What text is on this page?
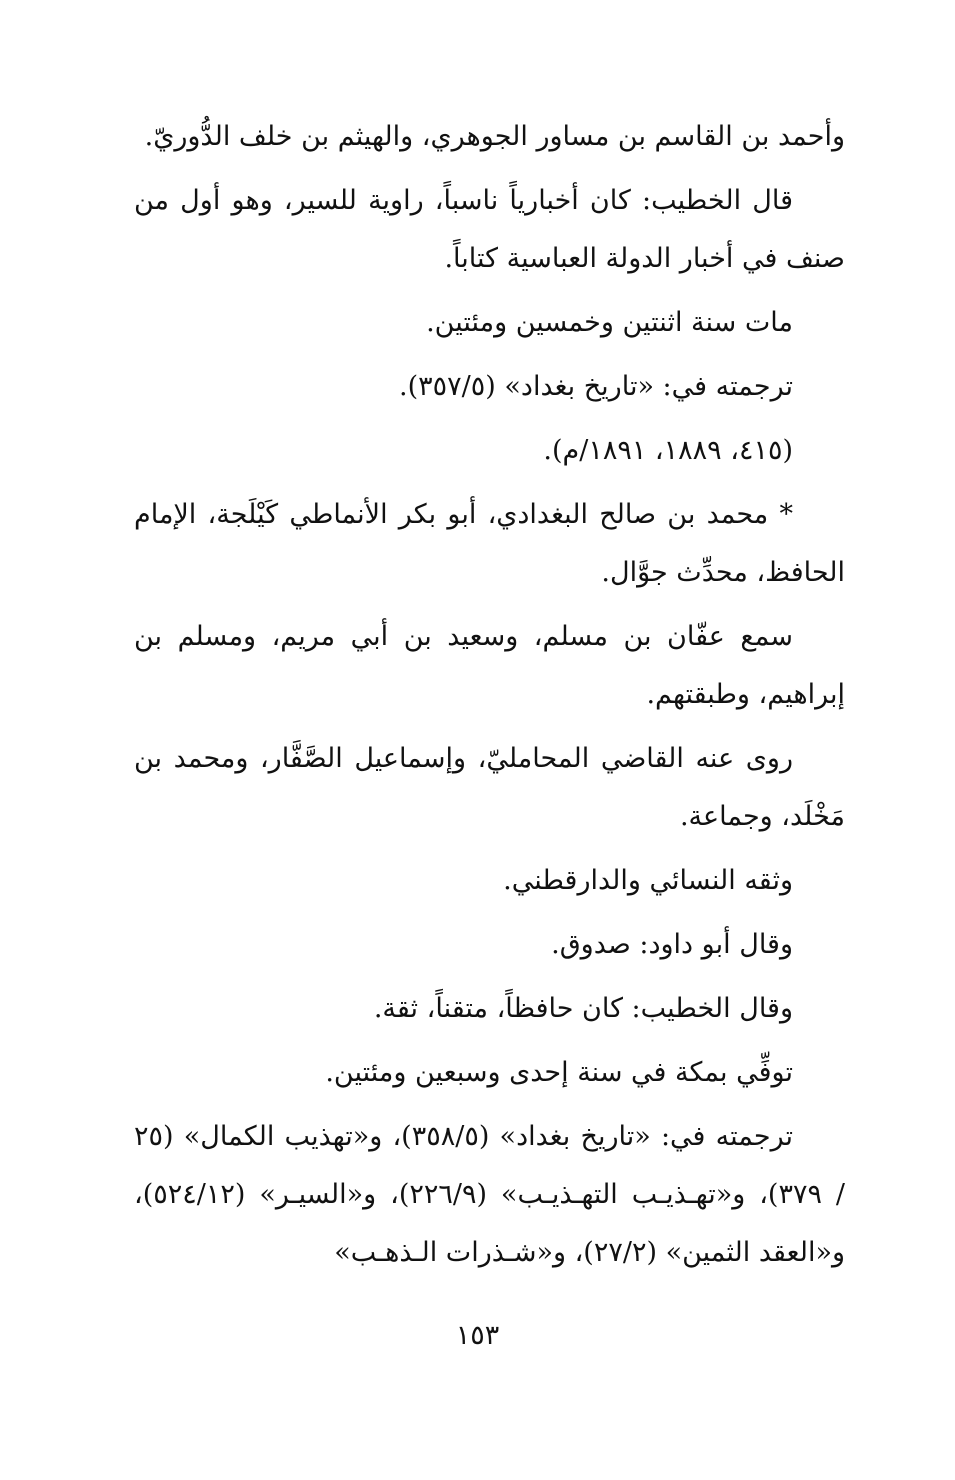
وأحمد بن القاسم بن مساور الجوهري، والهيثم بن خلف الدُّوريّ.

قال الخطيب: كان أخبارياً ناسباً، راوية للسير، وهو أول من صنف في أخبار الدولة العباسية كتاباً.

مات سنة اثنتين وخمسين ومئتين.

ترجمته في: «تاريخ بغداد» (٣٥٧/٥).

(٤١٥، ١٨٨٩، ١٨٩١/م).

* محمد بن صالح البغدادي، أبو بكر الأنماطي كَيْلَجة، الإمام الحافظ، محدِّث جوَّال.

سمع عفّان بن مسلم، وسعيد بن أبي مريم، ومسلم بن إبراهيم، وطبقتهم.

روى عنه القاضي المحامليّ، وإسماعيل الصَّفَّار، ومحمد بن مَخْلَد، وجماعة.

وثقه النسائي والدارقطني.

وقال أبو داود: صدوق.

وقال الخطيب: كان حافظاً، متقناً، ثقة.

توفِّي بمكة في سنة إحدى وسبعين ومئتين.

ترجمته في: «تاريخ بغداد» (٣٥٨/٥)، و«تهذيب الكمال» (٢٥ / ٣٧٩)، و«تهـذيـب التهـذيـب» (٢٢٦/٩)، و«السيـر» (٥٢٤/١٢)، و«العقد الثمين» (٢٧/٢)، و«شـذرات الـذهـب»

١٥٣
